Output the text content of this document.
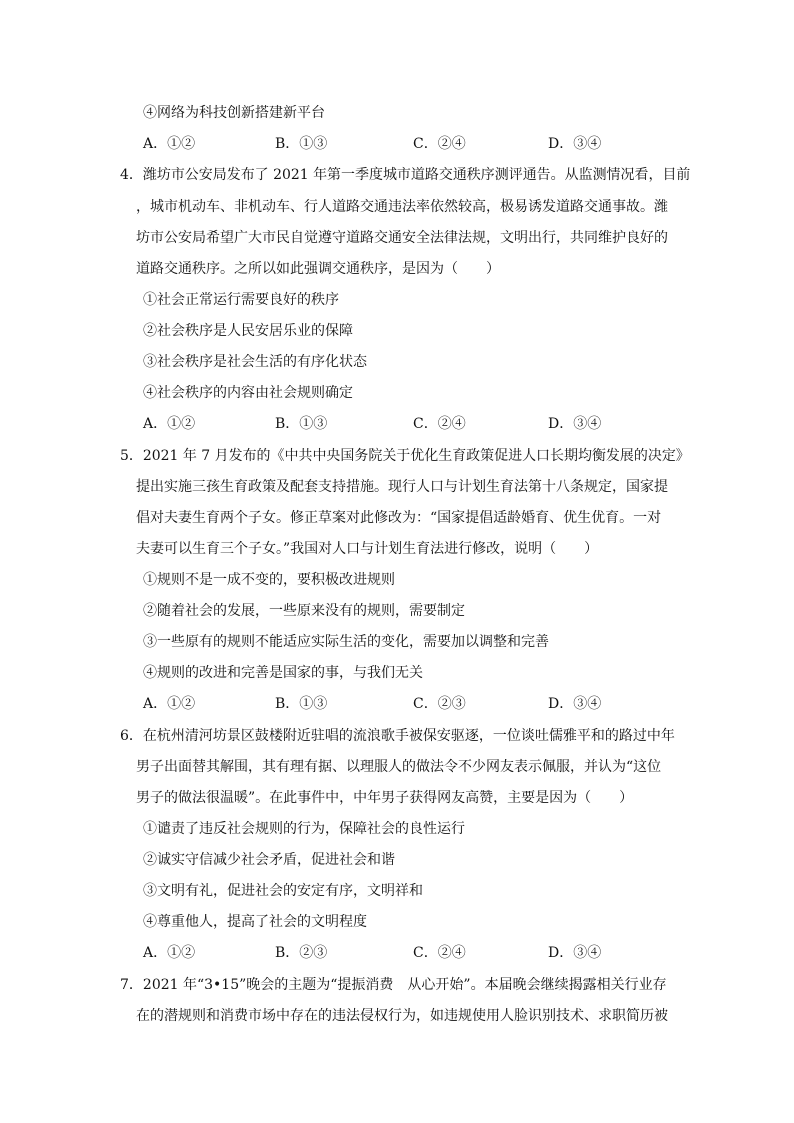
④网络为科技创新搭建新平台
A．①②	B．①③	C．②④	D．③④
4．潍坊市公安局发布了 2021 年第一季度城市道路交通秩序测评通告。从监测情况看，目前
，城市机动车、非机动车、行人道路交通违法率依然较高，极易诱发道路交通事故。潍
坊市公安局希望广大市民自觉遵守道路交通安全法律法规，文明出行，共同维护良好的
道路交通秩序。之所以如此强调交通秩序，是因为（　　）
①社会正常运行需要良好的秩序
②社会秩序是人民安居乐业的保障
③社会秩序是社会生活的有序化状态
④社会秩序的内容由社会规则确定
A．①②	B．①③	C．②④	D．③④
5．2021 年 7 月发布的《中共中央国务院关于优化生育政策促进人口长期均衡发展的决定》
提出实施三孩生育政策及配套支持措施。现行人口与计划生育法第十八条规定，国家提
倡对夫妻生育两个子女。修正草案对此修改为：“国家提倡适龄婚育、优生优育。一对
夫妻可以生育三个子女。”我国对人口与计划生育法进行修改，说明（　　）
①规则不是一成不变的，要积极改进规则
②随着社会的发展，一些原来没有的规则，需要制定
③一些原有的规则不能适应实际生活的变化，需要加以调整和完善
④规则的改进和完善是国家的事，与我们无关
A．①②	B．①③	C．②③	D．③④
6．在杭州清河坊景区鼓楼附近驻唱的流浪歌手被保安驱逐，一位谈吐儒雅平和的路过中年
男子出面替其解围，其有理有据、以理服人的做法令不少网友表示佩服，并认为“这位
男子的做法很温暖”。在此事件中，中年男子获得网友高赞，主要是因为（　　）
①谴责了违反社会规则的行为，保障社会的良性运行
②诚实守信减少社会矛盾，促进社会和谐
③文明有礼，促进社会的安定有序，文明祥和
④尊重他人，提高了社会的文明程度
A．①②	B．②③	C．②④	D．③④
7．2021 年“3•15”晚会的主题为“提振消费　从心开始”。本届晚会继续揭露相关行业存
在的潜规则和消费市场中存在的违法侵权行为，如违规使用人脸识别技术、求职简历被
